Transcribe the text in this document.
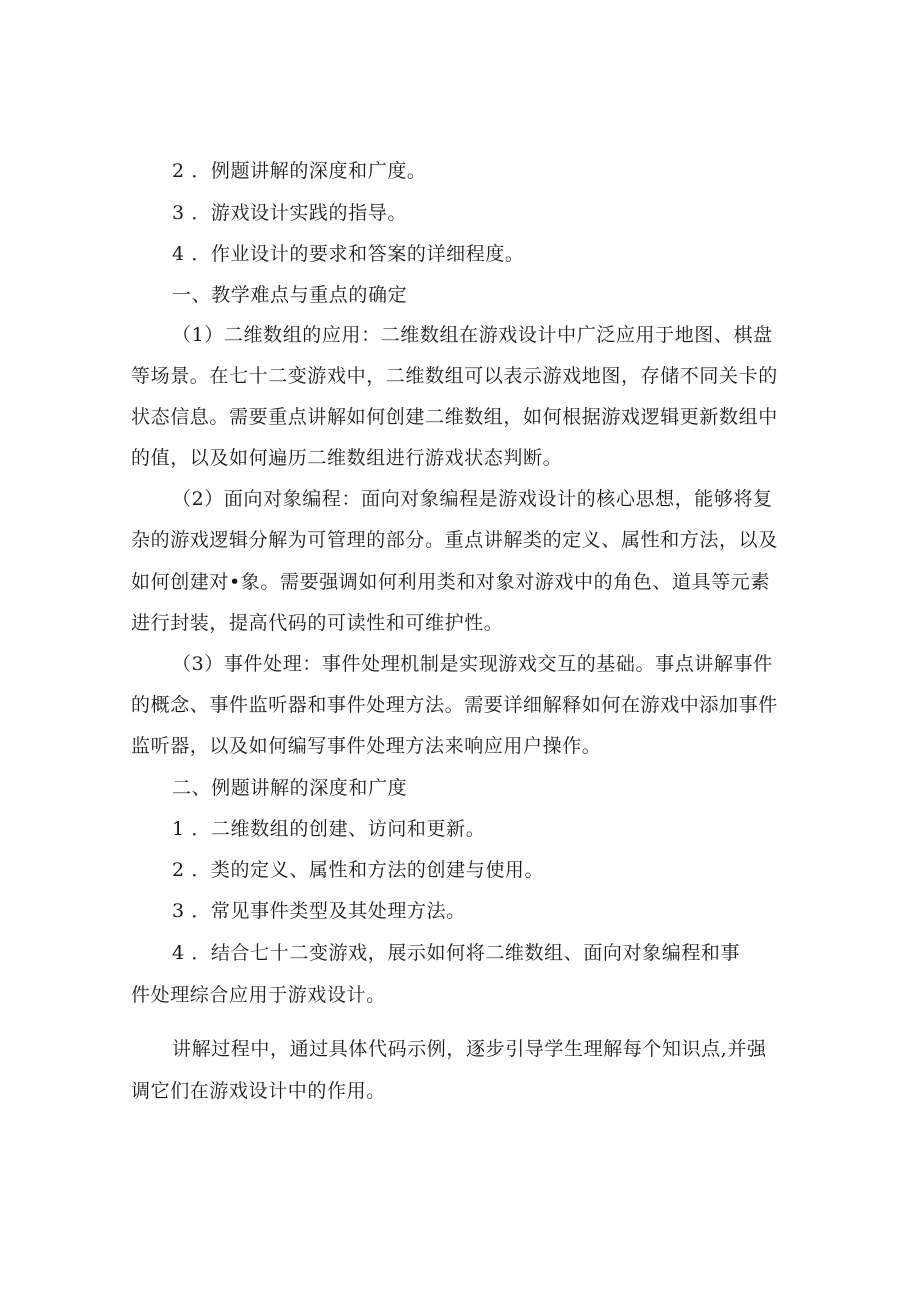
2 ．例题讲解的深度和广度。
3 ．游戏设计实践的指导。
4 ．作业设计的要求和答案的详细程度。
一、教学难点与重点的确定
（1）二维数组的应用：二维数组在游戏设计中广泛应用于地图、棋盘
等场景。在七十二变游戏中，二维数组可以表示游戏地图，存储不同关卡的
状态信息。需要重点讲解如何创建二维数组，如何根据游戏逻辑更新数组中
的值，以及如何遍历二维数组进行游戏状态判断。
（2）面向对象编程：面向对象编程是游戏设计的核心思想，能够将复
杂的游戏逻辑分解为可管理的部分。重点讲解类的定义、属性和方法，以及
如何创建对•象。需要强调如何利用类和对象对游戏中的角色、道具等元素
进行封装，提高代码的可读性和可维护性。
（3）事件处理：事件处理机制是实现游戏交互的基础。事点讲解事件
的概念、事件监听器和事件处理方法。需要详细解释如何在游戏中添加事件
监听器，以及如何编写事件处理方法来响应用户操作。
二、例题讲解的深度和广度
1 ．二维数组的创建、访问和更新。
2 ．类的定义、属性和方法的创建与使用。
3 ．常见事件类型及其处理方法。
4 ．结合七十二变游戏，展示如何将二维数组、面向对象编程和事
件处理综合应用于游戏设计。
讲解过程中，通过具体代码示例，逐步引导学生理解每个知识点,并强
调它们在游戏设计中的作用。
